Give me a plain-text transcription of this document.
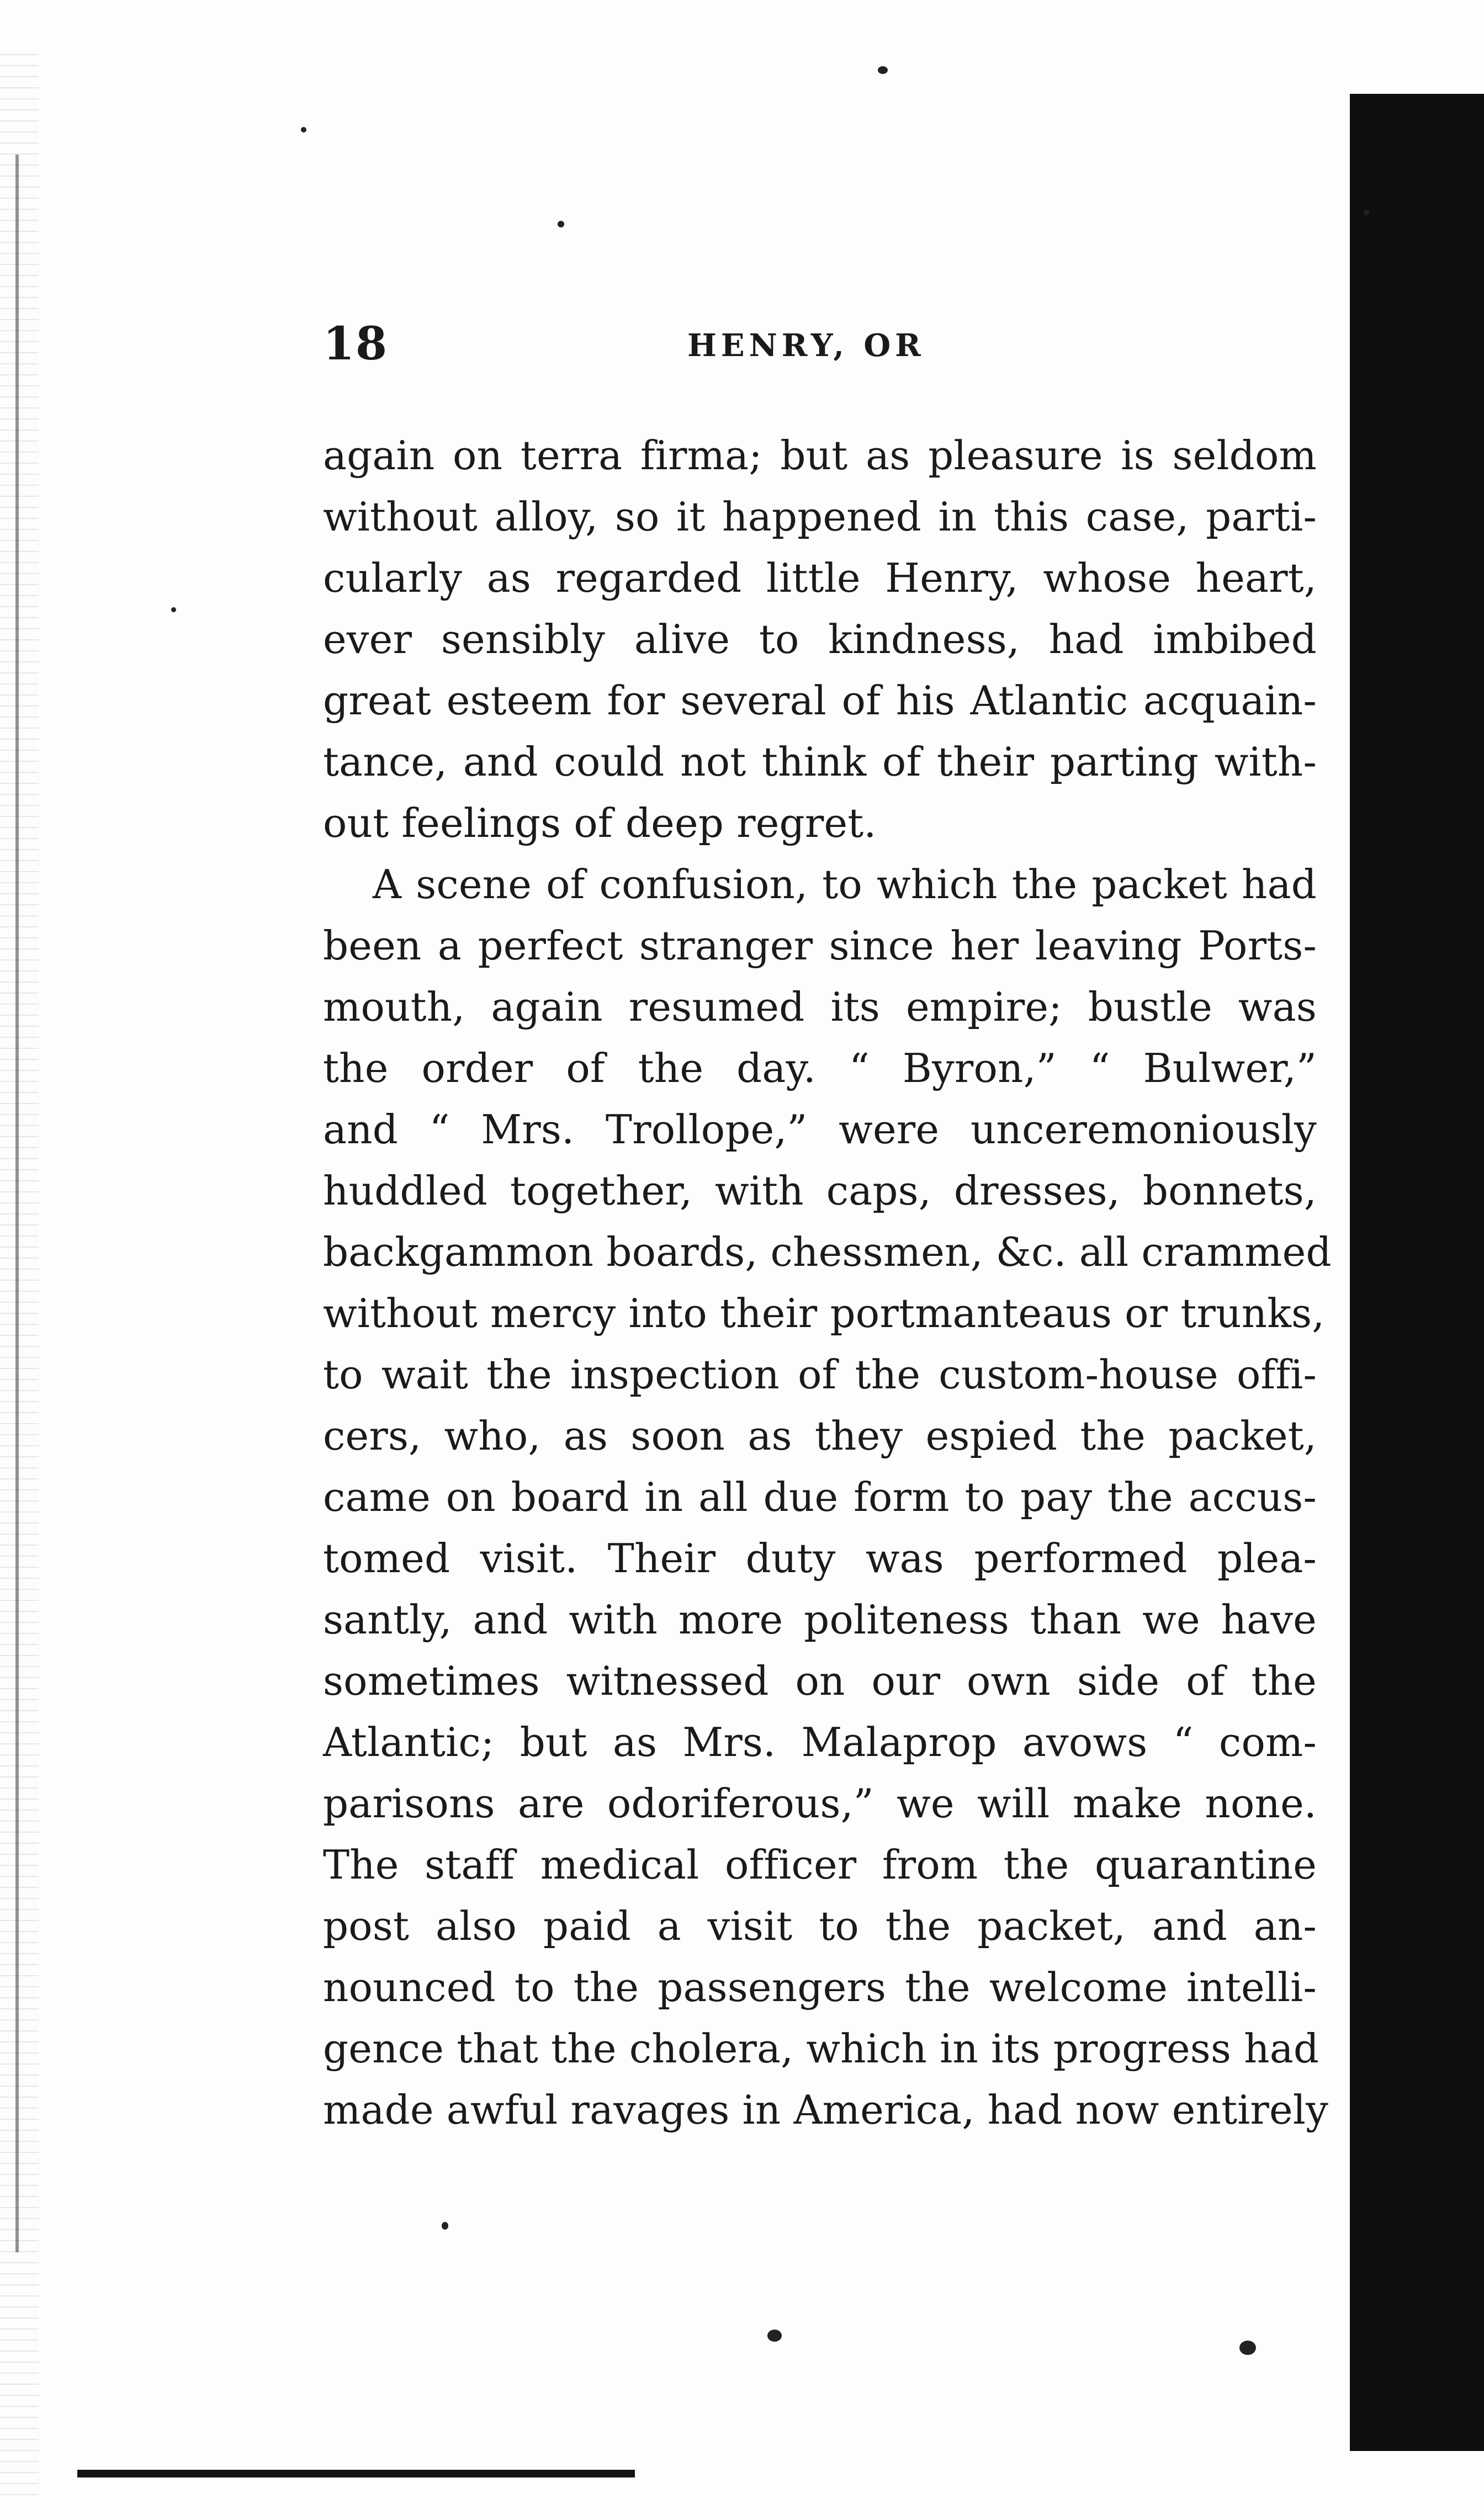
18	HENRY, OR
again on terra firma; but as pleasure is seldom
without alloy, so it happened in this case, parti-
cularly as regarded little Henry, whose heart,
ever sensibly alive to kindness, had imbibed
great esteem for several of his Atlantic acquain-
tance, and could not think of their parting with-
out feelings of deep regret.
A scene of confusion, to which the packet had
been a perfect stranger since her leaving Ports-
mouth, again resumed its empire; bustle was
the order of the day. “ Byron,” “ Bulwer,”
and “ Mrs. Trollope,” were unceremoniously
huddled together, with caps, dresses, bonnets,
backgammon boards, chessmen, &c. all crammed
without mercy into their portmanteaus or trunks,
to wait the inspection of the custom-house offi-
cers, who, as soon as they espied the packet,
came on board in all due form to pay the accus-
tomed visit. Their duty was performed plea-
santly, and with more politeness than we have
sometimes witnessed on our own side of the
Atlantic; but as Mrs. Malaprop avows “ com-
parisons are odoriferous,” we will make none.
The staff medical officer from the quarantine
post also paid a visit to the packet, and an-
nounced to the passengers the welcome intelli-
gence that the cholera, which in its progress had
made awful ravages in America, had now entirely
